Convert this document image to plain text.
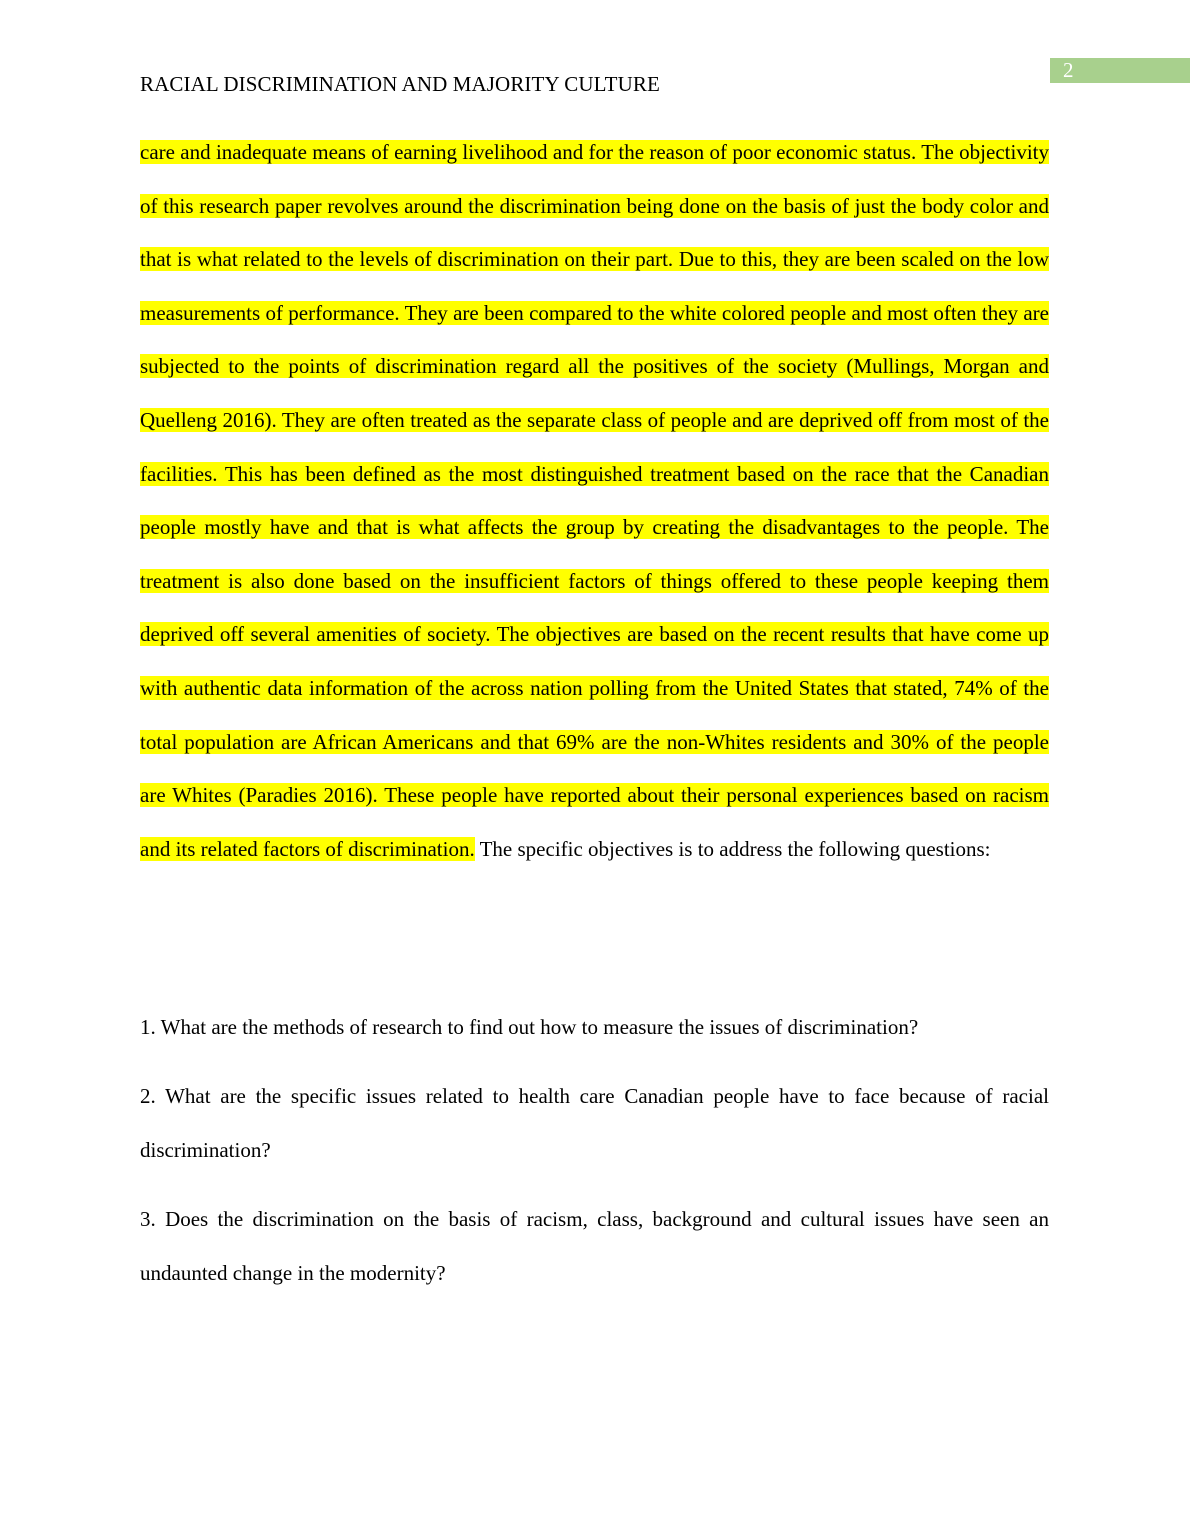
2
RACIAL DISCRIMINATION AND MAJORITY CULTURE

care and inadequate means of earning livelihood and for the reason of poor economic status. The objectivity of this research paper revolves around the discrimination being done on the basis of just the body color and that is what related to the levels of discrimination on their part. Due to this, they are been scaled on the low measurements of performance. They are been compared to the white colored people and most often they are subjected to the points of discrimination regard all the positives of the society (Mullings, Morgan and Quelleng 2016). They are often treated as the separate class of people and are deprived off from most of the facilities. This has been defined as the most distinguished treatment based on the race that the Canadian people mostly have and that is what affects the group by creating the disadvantages to the people. The treatment is also done based on the insufficient factors of things offered to these people keeping them deprived off several amenities of society. The objectives are based on the recent results that have come up with authentic data information of the across nation polling from the United States that stated, 74% of the total population are African Americans and that 69% are the non-Whites residents and 30% of the people are Whites (Paradies 2016). These people have reported about their personal experiences based on racism and its related factors of discrimination. The specific objectives is to address the following questions:

1. What are the methods of research to find out how to measure the issues of discrimination?

2. What are the specific issues related to health care Canadian people have to face because of racial discrimination?

3. Does the discrimination on the basis of racism, class, background and cultural issues have seen an undaunted change in the modernity?
